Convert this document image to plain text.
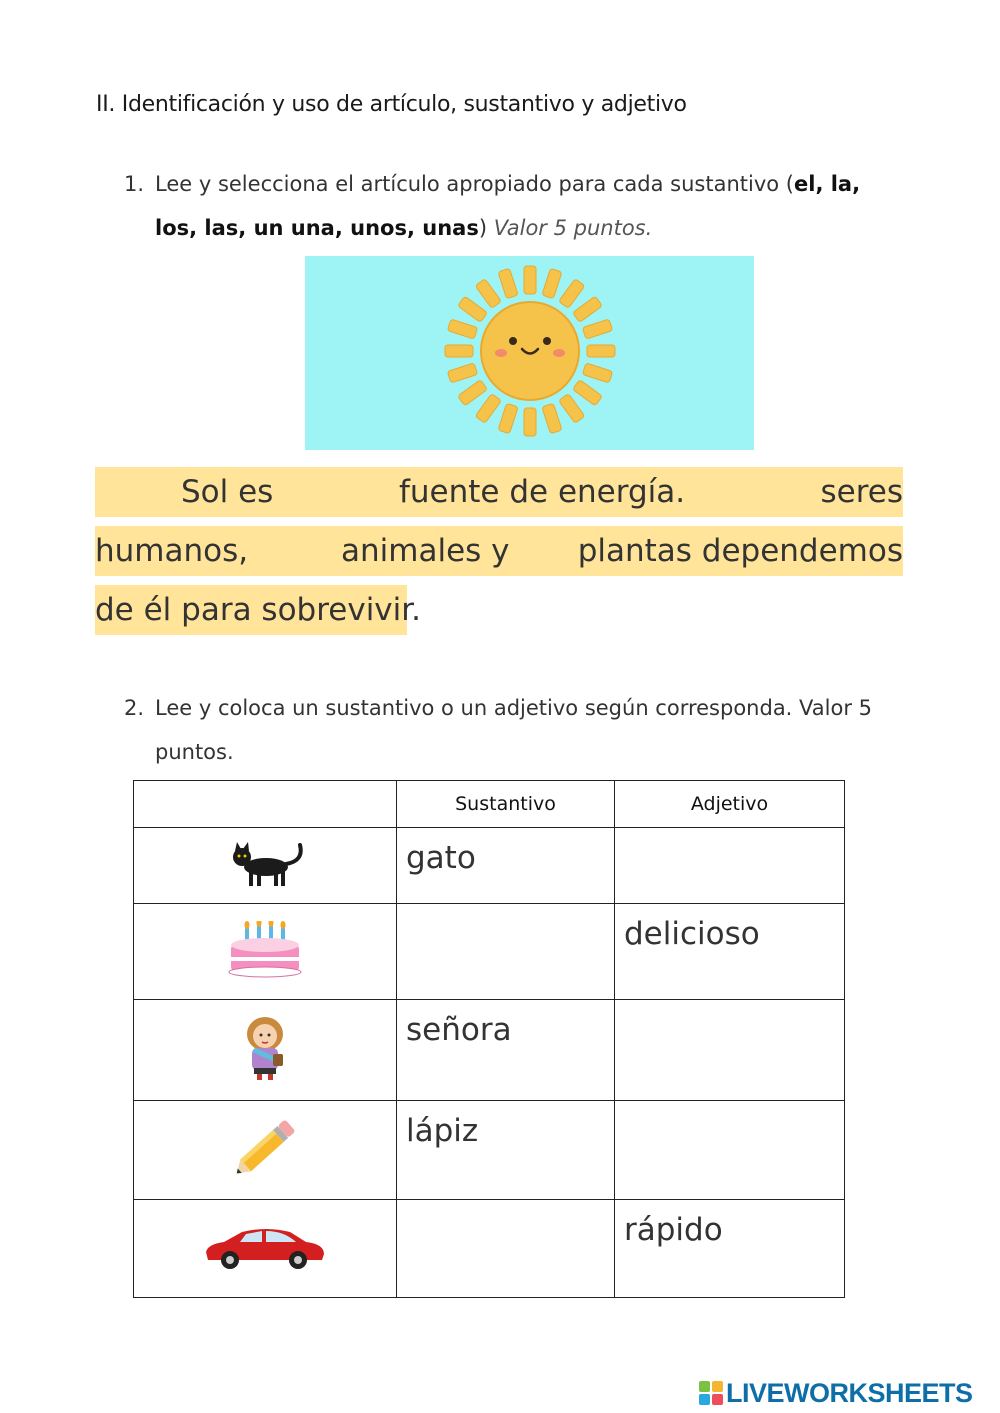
II. Identificación y uso de artículo, sustantivo y adjetivo
1. Lee y selecciona el artículo apropiado para cada sustantivo (el, la, los, las, un una, unos, unas) Valor 5 puntos.
Sol es	fuente de energía.	seres
humanos,	animales y plantas dependemos
de él para sobrevivir.
2. Lee y coloca un sustantivo o un adjetivo según corresponda. Valor 5 puntos.
	Sustantivo	Adjetivo
	gato	
		delicioso
	señora	
	lápiz	
		rápido
LIVEWORKSHEETS
